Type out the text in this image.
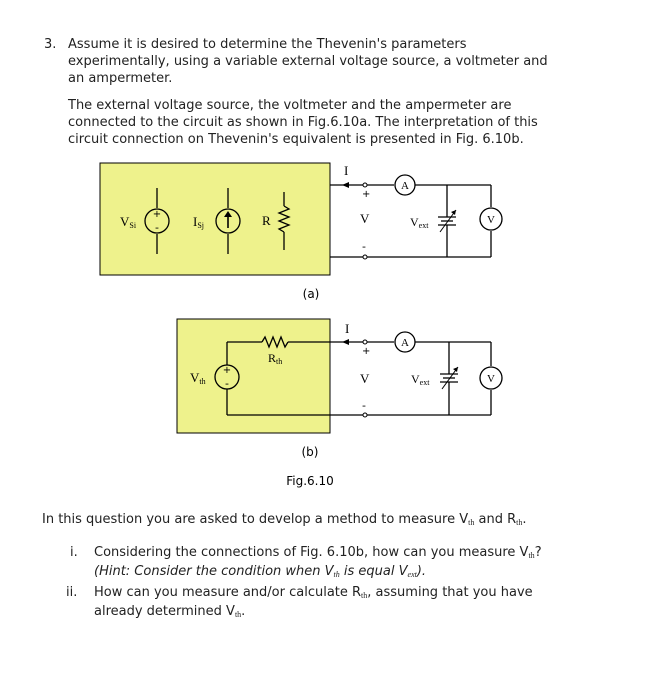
3. Assume it is desired to determine the Thevenin's parameters
experimentally, using a variable external voltage source, a voltmeter and
an ampermeter.
The external voltage source, the voltmeter and the ampermeter are
connected to the circuit as shown in Fig.6.10a. The interpretation of this
circuit connection on Thevenin's equivalent is presented in Fig. 6.10b.
+
-
VSi	ISj	R
I
+
V
-
A
Vext	V
(a)
+
-
Vth
Rth
I
+
V
-
A
Vext	V
(b)
Fig.6.10
In this question you are asked to develop a method to measure $V_{th}$ and $R_{th}$.
i. Considering the connections of Fig. 6.10b, how can you measure $V_{th}$?
(Hint: Consider the condition when $V_{th}$ is equal $V_{ext}$).
ii. How can you measure and/or calculate $R_{th}$, assuming that you have
already determined $V_{th}$.
